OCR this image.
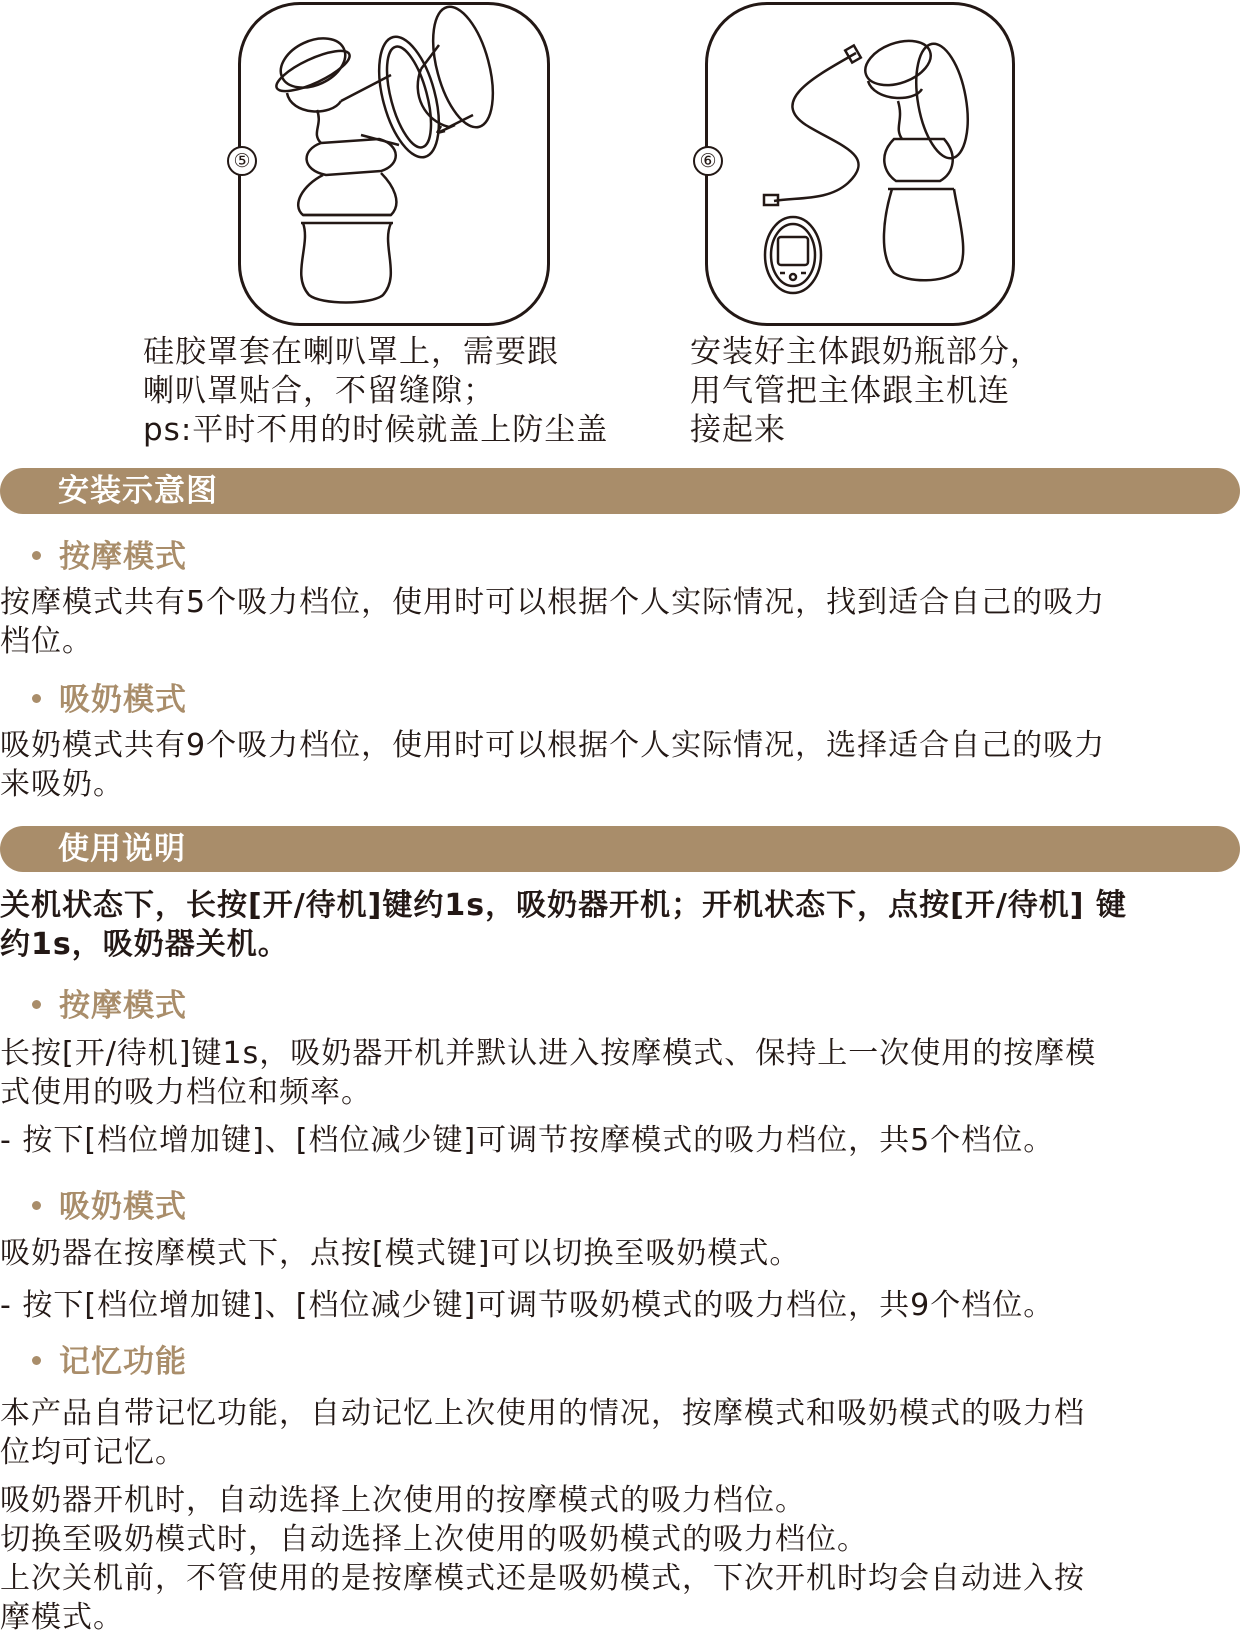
⑤	⑥
硅胶罩套在喇叭罩上，需要跟
喇叭罩贴合，不留缝隙；
ps:平时不用的时候就盖上防尘盖
安装好主体跟奶瓶部分，
用气管把主体跟主机连
接起来
安装示意图
按摩模式
按摩模式共有5个吸力档位，使用时可以根据个人实际情况，找到适合自己的吸力
档位。
吸奶模式
吸奶模式共有9个吸力档位，使用时可以根据个人实际情况，选择适合自己的吸力
来吸奶。
使用说明
关机状态下，长按[开/待机]键约1s，吸奶器开机；开机状态下，点按[开/待机] 键
约1s，吸奶器关机。
按摩模式
长按[开/待机]键1s，吸奶器开机并默认进入按摩模式、保持上一次使用的按摩模
式使用的吸力档位和频率。
- 按下[档位增加键]、[档位减少键]可调节按摩模式的吸力档位，共5个档位。
吸奶模式
吸奶器在按摩模式下，点按[模式键]可以切换至吸奶模式。
- 按下[档位增加键]、[档位减少键]可调节吸奶模式的吸力档位，共9个档位。
记忆功能
本产品自带记忆功能，自动记忆上次使用的情况，按摩模式和吸奶模式的吸力档
位均可记忆。
吸奶器开机时，自动选择上次使用的按摩模式的吸力档位。
切换至吸奶模式时，自动选择上次使用的吸奶模式的吸力档位。
上次关机前，不管使用的是按摩模式还是吸奶模式，下次开机时均会自动进入按
摩模式。
